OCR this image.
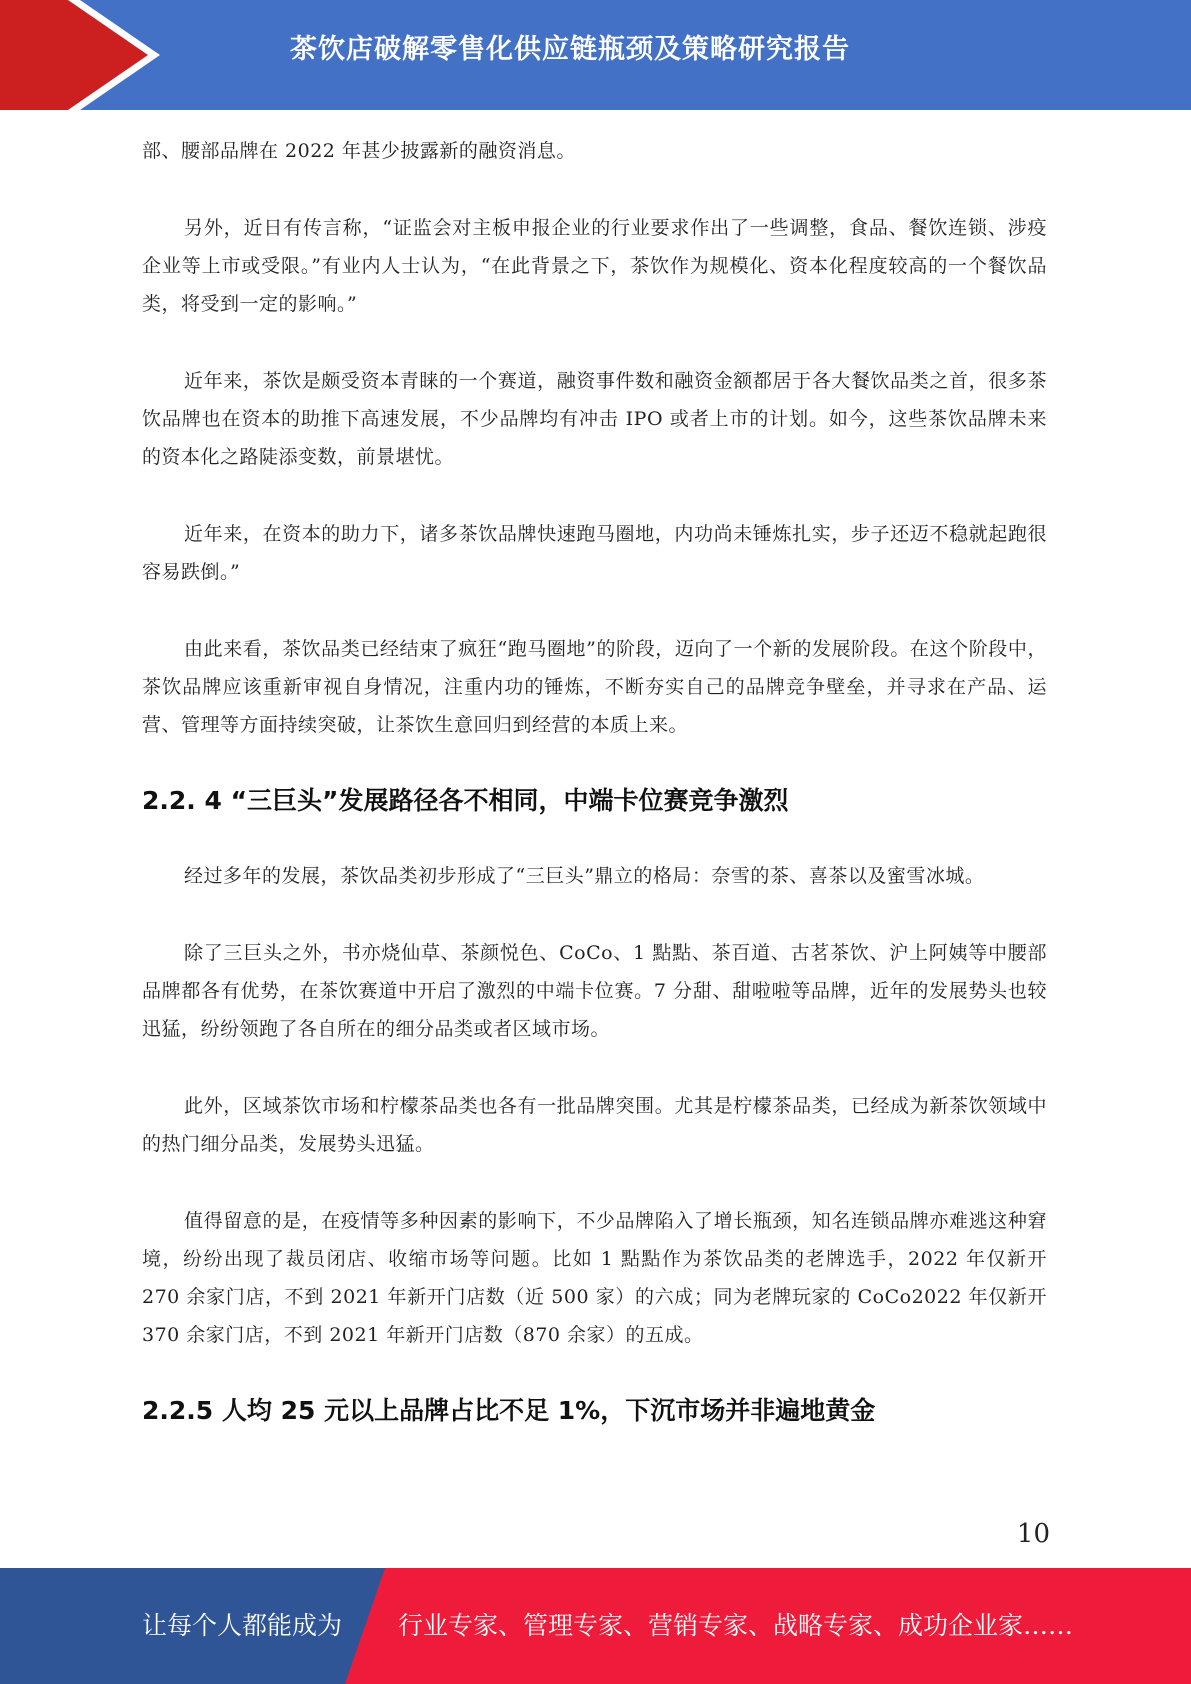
茶饮店破解零售化供应链瓶颈及策略研究报告

部、腰部品牌在 2022 年甚少披露新的融资消息。

另外，近日有传言称，“证监会对主板申报企业的行业要求作出了一些调整，食品、餐饮连锁、涉疫企业等上市或受限。”有业内人士认为，“在此背景之下，茶饮作为规模化、资本化程度较高的一个餐饮品类，将受到一定的影响。”

近年来，茶饮是颇受资本青睐的一个赛道，融资事件数和融资金额都居于各大餐饮品类之首，很多茶饮品牌也在资本的助推下高速发展，不少品牌均有冲击 IPO 或者上市的计划。如今，这些茶饮品牌未来的资本化之路陡添变数，前景堪忧。

近年来，在资本的助力下，诸多茶饮品牌快速跑马圈地，内功尚未锤炼扎实，步子还迈不稳就起跑很容易跌倒。”

由此来看，茶饮品类已经结束了疯狂“跑马圈地”的阶段，迈向了一个新的发展阶段。在这个阶段中，茶饮品牌应该重新审视自身情况，注重内功的锤炼，不断夯实自己的品牌竞争壁垒，并寻求在产品、运营、管理等方面持续突破，让茶饮生意回归到经营的本质上来。

2.2. 4 “三巨头”发展路径各不相同，中端卡位赛竞争激烈

经过多年的发展，茶饮品类初步形成了“三巨头”鼎立的格局：奈雪的茶、喜茶以及蜜雪冰城。

除了三巨头之外，书亦烧仙草、茶颜悦色、CoCo、1 點點、茶百道、古茗茶饮、沪上阿姨等中腰部品牌都各有优势，在茶饮赛道中开启了激烈的中端卡位赛。7 分甜、甜啦啦等品牌，近年的发展势头也较迅猛，纷纷领跑了各自所在的细分品类或者区域市场。

此外，区域茶饮市场和柠檬茶品类也各有一批品牌突围。尤其是柠檬茶品类，已经成为新茶饮领域中的热门细分品类，发展势头迅猛。

值得留意的是，在疫情等多种因素的影响下，不少品牌陷入了增长瓶颈，知名连锁品牌亦难逃这种窘境，纷纷出现了裁员闭店、收缩市场等问题。比如 1 點點作为茶饮品类的老牌选手，2022 年仅新开 270 余家门店，不到 2021 年新开门店数（近 500 家）的六成；同为老牌玩家的 CoCo2022 年仅新开 370 余家门店，不到 2021 年新开门店数（870 余家）的五成。

2.2.5 人均 25 元以上品牌占比不足 1%，下沉市场并非遍地黄金
10
让每个人都能成为 行业专家、管理专家、营销专家、战略专家、成功企业家……
